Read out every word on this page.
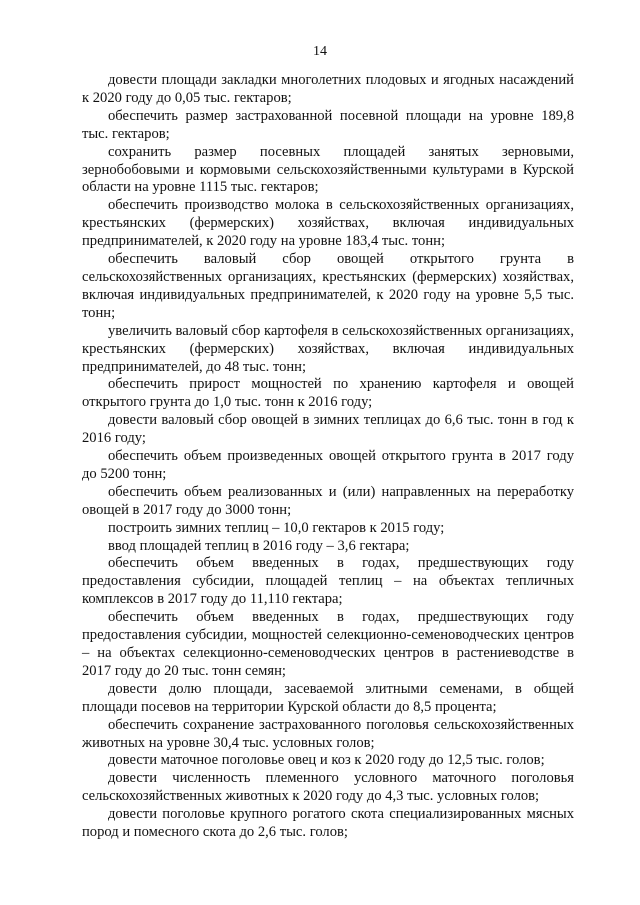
14

довести площади закладки многолетних плодовых и ягодных насаждений к 2020 году до 0,05 тыс. гектаров;

обеспечить размер застрахованной посевной площади на уровне 189,8 тыс. гектаров;

сохранить размер посевных площадей занятых зерновыми, зернобобовыми и кормовыми сельскохозяйственными культурами в Курской области на уровне 1115 тыс. гектаров;

обеспечить производство молока в сельскохозяйственных организациях, крестьянских (фермерских) хозяйствах, включая индивидуальных предпринимателей, к 2020 году на уровне 183,4 тыс. тонн;

обеспечить валовый сбор овощей открытого грунта в сельскохозяйственных организациях, крестьянских (фермерских) хозяйствах, включая индивидуальных предпринимателей, к 2020 году на уровне 5,5 тыс. тонн;

увеличить валовый сбор картофеля в сельскохозяйственных организациях, крестьянских (фермерских) хозяйствах, включая индивидуальных предпринимателей, до 48 тыс. тонн;

обеспечить прирост мощностей по хранению картофеля и овощей открытого грунта до 1,0 тыс. тонн к 2016 году;

довести валовый сбор овощей в зимних теплицах до 6,6 тыс. тонн в год к 2016 году;

обеспечить объем произведенных овощей открытого грунта в 2017 году до 5200 тонн;

обеспечить объем реализованных и (или) направленных на переработку овощей в 2017 году до 3000 тонн;

построить зимних теплиц – 10,0 гектаров к 2015 году;

ввод площадей теплиц в 2016 году – 3,6 гектара;

обеспечить объем введенных в годах, предшествующих году предоставления субсидии, площадей теплиц – на объектах тепличных комплексов в 2017 году до 11,110 гектара;

обеспечить объем введенных в годах, предшествующих году предоставления субсидии, мощностей селекционно-семеноводческих центров – на объектах селекционно-семеноводческих центров в растениеводстве в 2017 году до 20 тыс. тонн семян;

довести долю площади, засеваемой элитными семенами, в общей площади посевов на территории Курской области до 8,5 процента;

обеспечить сохранение застрахованного поголовья сельскохозяйственных животных на уровне 30,4 тыс. условных голов;

довести маточное поголовье овец и коз к 2020 году до 12,5 тыс. голов;

довести численность племенного условного маточного поголовья сельскохозяйственных животных к 2020 году до 4,3 тыс. условных голов;

довести поголовье крупного рогатого скота специализированных мясных пород и помесного скота до 2,6 тыс. голов;
